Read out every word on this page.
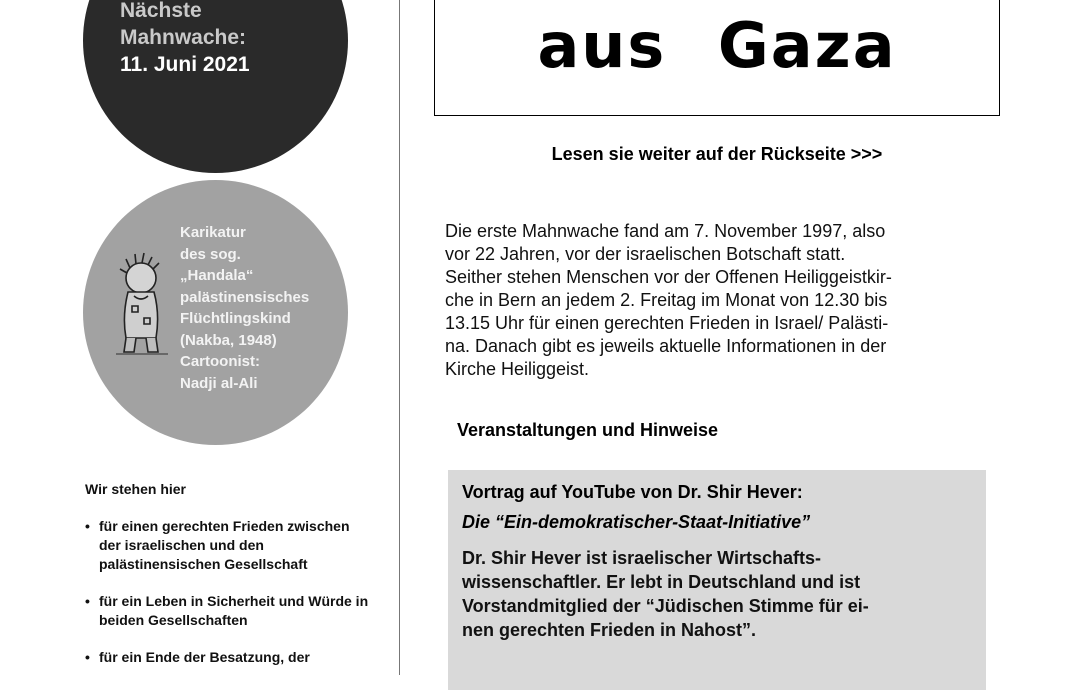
Nächste
Mahnwache:
11. Juni 2021
Karikatur
des sog.
„Handala“
palästinensisches
Flüchtlingskind
(Nakba, 1948)
Cartoonist:
Nadji al-Ali

Wir stehen hier

• für einen gerechten Frieden zwischen der israelischen und den palästinensischen Gesellschaft
• für ein Leben in Sicherheit und Würde in beiden Gesellschaften
• für ein Ende der Besatzung, der
aus Gaza
Lesen sie weiter auf der Rückseite >>>
Die erste Mahnwache fand am 7. November 1997, also
vor 22 Jahren, vor der israelischen Botschaft statt.
Seither stehen Menschen vor der Offenen Heiliggeistkir-
che in Bern an jedem 2. Freitag im Monat von 12.30 bis
13.15 Uhr für einen gerechten Frieden in Israel/ Palästi-
na. Danach gibt es jeweils aktuelle Informationen in der
Kirche Heiliggeist.
Veranstaltungen und Hinweise
Vortrag auf YouTube von Dr. Shir Hever:
Die “Ein-demokratischer-Staat-Initiative”
Dr. Shir Hever ist israelischer Wirtschafts-
wissenschaftler. Er lebt in Deutschland und ist
Vorstandmitglied der “Jüdischen Stimme für ei-
nen gerechten Frieden in Nahost”.
